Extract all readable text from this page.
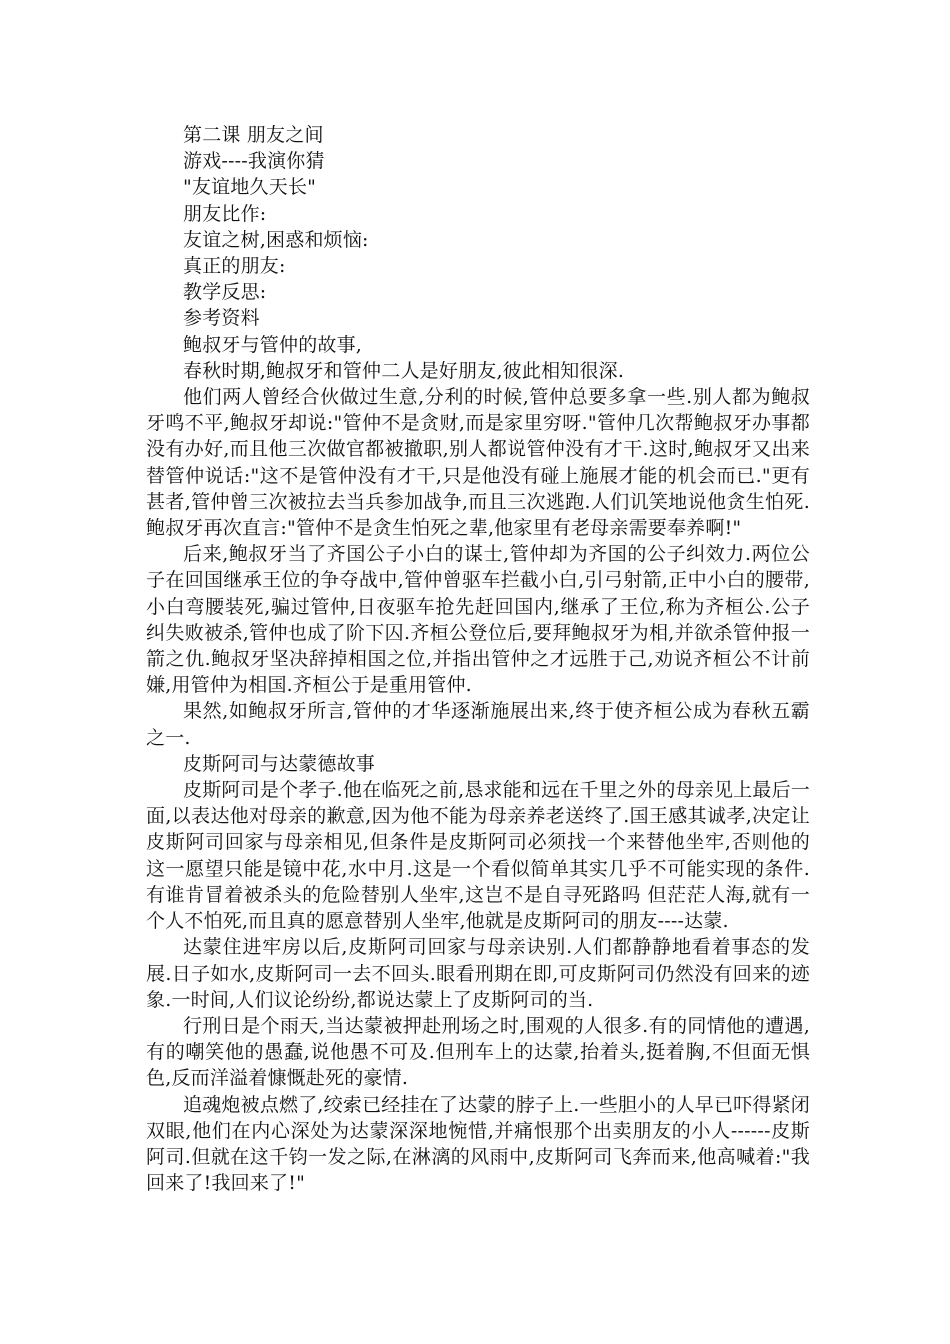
第二课 朋友之间

游戏----我演你猜

"友谊地久天长"

朋友比作:

友谊之树,困惑和烦恼:

真正的朋友:

教学反思:

参考资料

鲍叔牙与管仲的故事,

春秋时期,鲍叔牙和管仲二人是好朋友,彼此相知很深.

他们两人曾经合伙做过生意,分利的时候,管仲总要多拿一些.别人都为鲍叔牙鸣不平,鲍叔牙却说:"管仲不是贪财,而是家里穷呀."管仲几次帮鲍叔牙办事都没有办好,而且他三次做官都被撤职,别人都说管仲没有才干.这时,鲍叔牙又出来替管仲说话:"这不是管仲没有才干,只是他没有碰上施展才能的机会而已."更有甚者,管仲曾三次被拉去当兵参加战争,而且三次逃跑.人们讥笑地说他贪生怕死.鲍叔牙再次直言:"管仲不是贪生怕死之辈,他家里有老母亲需要奉养啊!"

后来,鲍叔牙当了齐国公子小白的谋士,管仲却为齐国的公子纠效力.两位公子在回国继承王位的争夺战中,管仲曾驱车拦截小白,引弓射箭,正中小白的腰带,小白弯腰装死,骗过管仲,日夜驱车抢先赶回国内,继承了王位,称为齐桓公.公子纠失败被杀,管仲也成了阶下囚.齐桓公登位后,要拜鲍叔牙为相,并欲杀管仲报一箭之仇.鲍叔牙坚决辞掉相国之位,并指出管仲之才远胜于己,劝说齐桓公不计前嫌,用管仲为相国.齐桓公于是重用管仲.

果然,如鲍叔牙所言,管仲的才华逐渐施展出来,终于使齐桓公成为春秋五霸之一.

皮斯阿司与达蒙德故事

皮斯阿司是个孝子.他在临死之前,恳求能和远在千里之外的母亲见上最后一面,以表达他对母亲的歉意,因为他不能为母亲养老送终了.国王感其诚孝,决定让皮斯阿司回家与母亲相见,但条件是皮斯阿司必须找一个来替他坐牢,否则他的这一愿望只能是镜中花,水中月.这是一个看似简单其实几乎不可能实现的条件.有谁肯冒着被杀头的危险替别人坐牢,这岂不是自寻死路吗 但茫茫人海,就有一个人不怕死,而且真的愿意替别人坐牢,他就是皮斯阿司的朋友----达蒙.

达蒙住进牢房以后,皮斯阿司回家与母亲诀别.人们都静静地看着事态的发展.日子如水,皮斯阿司一去不回头.眼看刑期在即,可皮斯阿司仍然没有回来的迹象.一时间,人们议论纷纷,都说达蒙上了皮斯阿司的当.

行刑日是个雨天,当达蒙被押赴刑场之时,围观的人很多.有的同情他的遭遇,有的嘲笑他的愚蠢,说他愚不可及.但刑车上的达蒙,抬着头,挺着胸,不但面无惧色,反而洋溢着慷慨赴死的豪情.

追魂炮被点燃了,绞索已经挂在了达蒙的脖子上.一些胆小的人早已吓得紧闭双眼,他们在内心深处为达蒙深深地惋惜,并痛恨那个出卖朋友的小人------皮斯阿司.但就在这千钧一发之际,在淋漓的风雨中,皮斯阿司飞奔而来,他高喊着:"我回来了!我回来了!"
